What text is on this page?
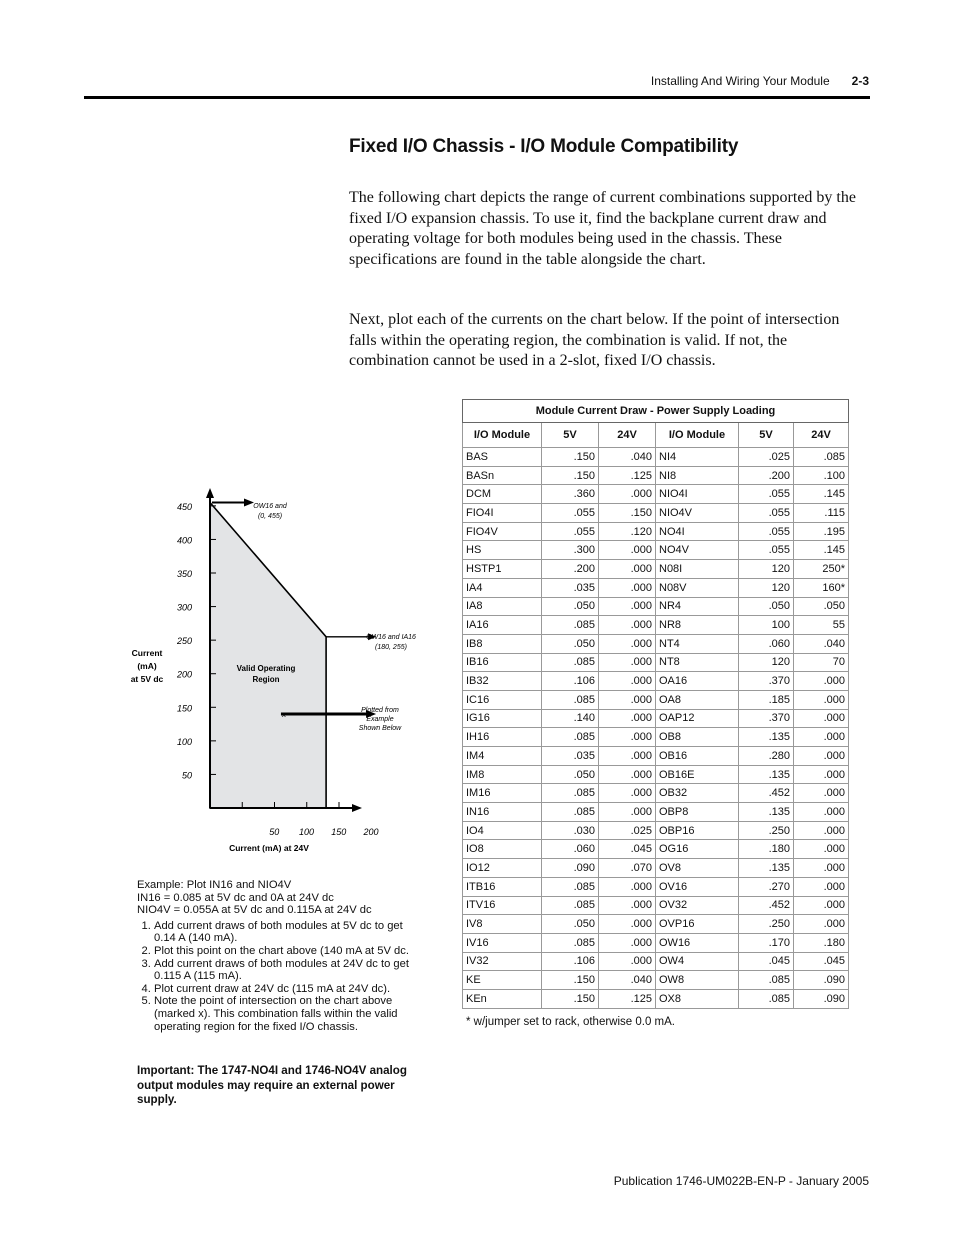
Installing And Wiring Your Module 2-3
Fixed I/O Chassis - I/O Module Compatibility
The following chart depicts the range of current combinations supported by the fixed I/O expansion chassis. To use it, find the backplane current draw and operating voltage for both modules being used in the chassis. These specifications are found in the table alongside the chart.
Next, plot each of the currents on the chart below. If the point of intersection falls within the operating region, the combination is valid. If not, the combination cannot be used in a 2-slot, fixed I/O chassis.
50
100
150
200
250
300
350
400
450
50 100 150 200
Current (mA) at 24V
Current
(mA)
at 5V dc
Valid Operating
Region
OW16 and
(0, 455)
OW16 and IA16
(180, 255)
x	Plotted from
Example
Shown Below
Example: Plot IN16 and NIO4V
IN16 = 0.085 at 5V dc and 0A at 24V dc
NIO4V = 0.055A at 5V dc and 0.115A at 24V dc
1. Add current draws of both modules at 5V dc to get 0.14 A (140 mA).
2. Plot this point on the chart above (140 mA at 5V dc.
3. Add current draws of both modules at 24V dc to get 0.115 A (115 mA).
4. Plot current draw at 24V dc (115 mA at 24V dc).
5. Note the point of intersection on the chart above (marked x). This combination falls within the valid operating region for the fixed I/O chassis.
Important: The 1747-NO4I and 1746-NO4V analog output modules may require an external power supply.
Module Current Draw - Power Supply Loading					
I/O Module	5V	24V	I/O Module	5V	24V
BAS	.150	.040	NI4	.025	.085
BASn	.150	.125	NI8	.200	.100
DCM	.360	.000	NIO4I	.055	.145
FIO4I	.055	.150	NIO4V	.055	.115
FIO4V	.055	.120	NO4I	.055	.195
HS	.300	.000	NO4V	.055	.145
HSTP1	.200	.000	N08I	120	250*
IA4	.035	.000	N08V	120	160*
IA8	.050	.000	NR4	.050	.050
IA16	.085	.000	NR8	100	55
IB8	.050	.000	NT4	.060	.040
IB16	.085	.000	NT8	120	70
IB32	.106	.000	OA16	.370	.000
IC16	.085	.000	OA8	.185	.000
IG16	.140	.000	OAP12	.370	.000
IH16	.085	.000	OB8	.135	.000
IM4	.035	.000	OB16	.280	.000
IM8	.050	.000	OB16E	.135	.000
IM16	.085	.000	OB32	.452	.000
IN16	.085	.000	OBP8	.135	.000
IO4	.030	.025	OBP16	.250	.000
IO8	.060	.045	OG16	.180	.000
IO12	.090	.070	OV8	.135	.000
ITB16	.085	.000	OV16	.270	.000
ITV16	.085	.000	OV32	.452	.000
IV8	.050	.000	OVP16	.250	.000
IV16	.085	.000	OW16	.170	.180
IV32	.106	.000	OW4	.045	.045
KE	.150	.040	OW8	.085	.090
KEn	.150	.125	OX8	.085	.090
* w/jumper set to rack, otherwise 0.0 mA.
Publication 1746-UM022B-EN-P - January 2005
